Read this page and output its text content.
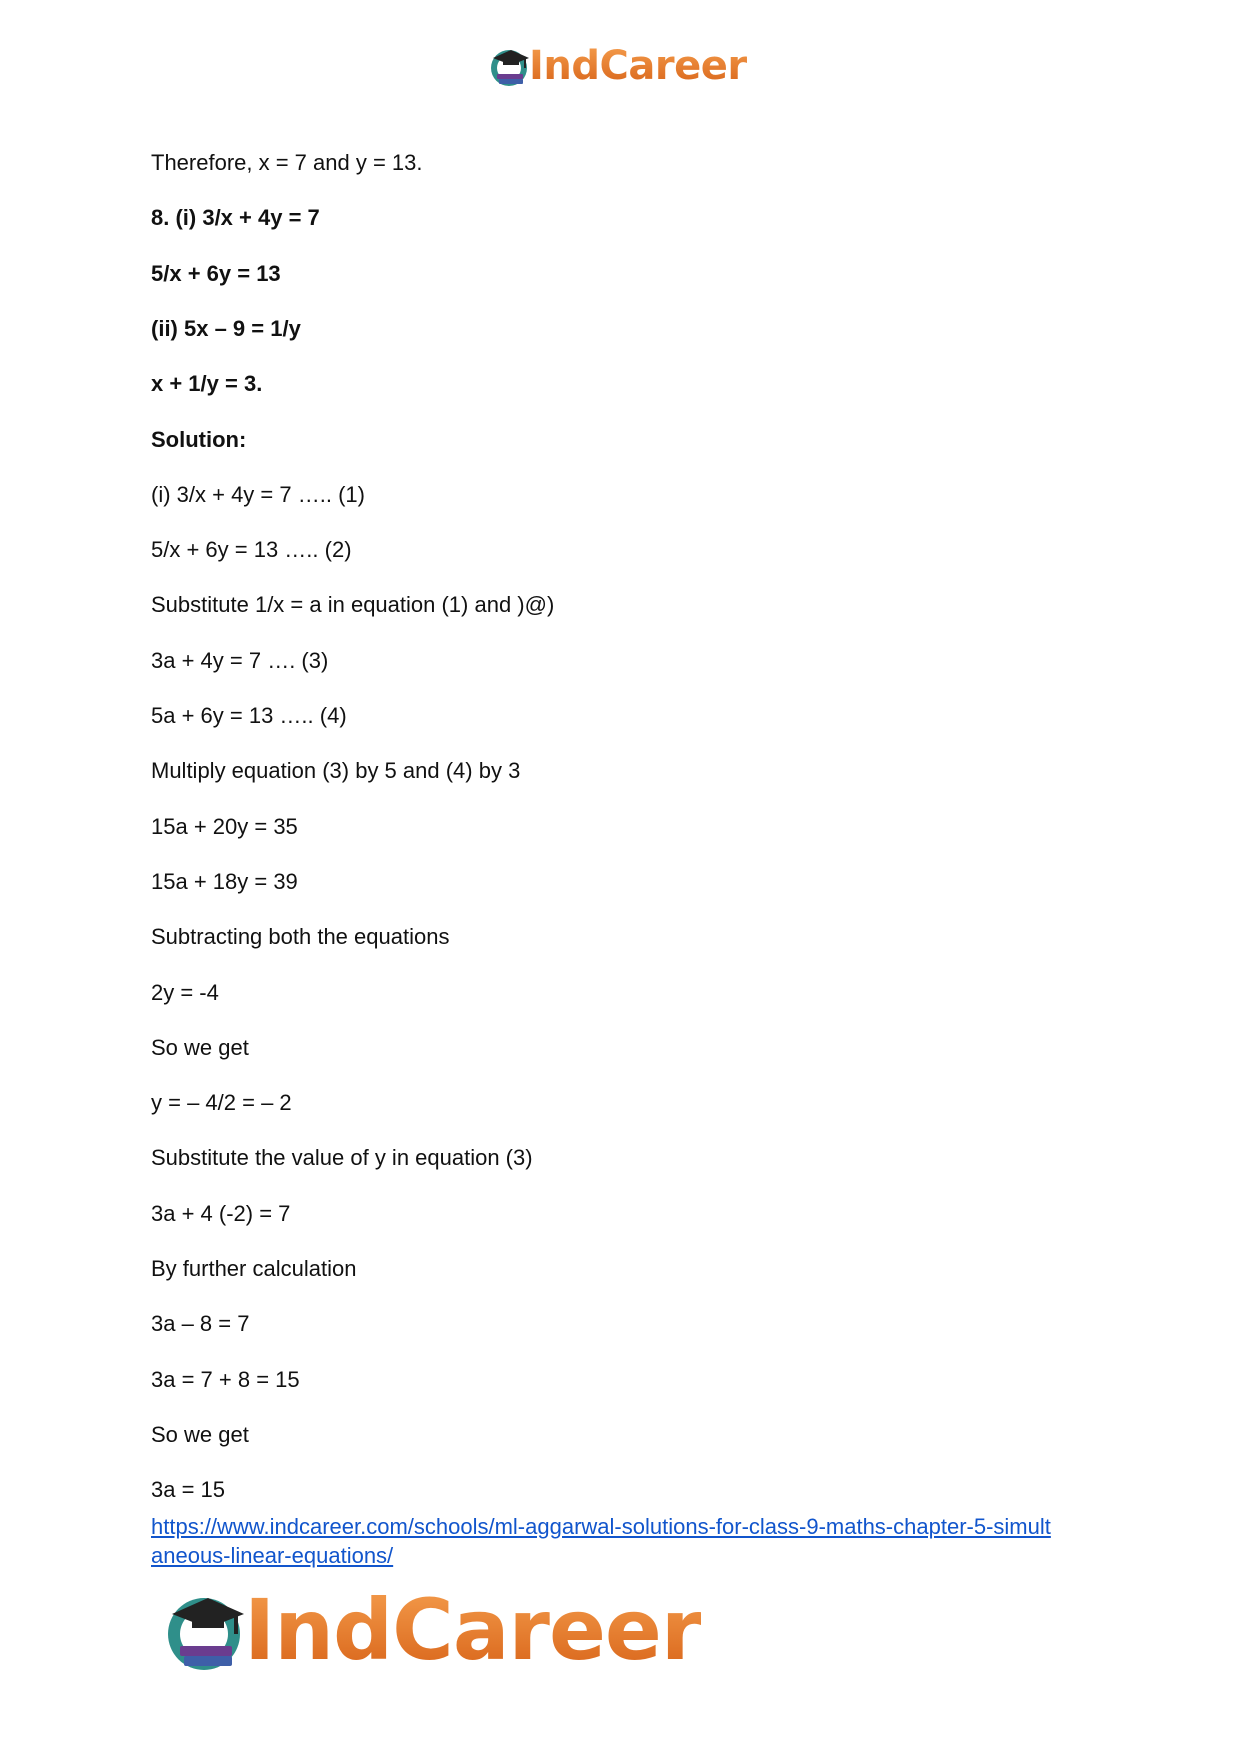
IndCareer
Therefore, x = 7 and y = 13.
8. (i) 3/x + 4y = 7
5/x + 6y = 13
(ii) 5x – 9 = 1/y
x + 1/y = 3.
Solution:
(i) 3/x + 4y = 7 ….. (1)
5/x + 6y = 13 ….. (2)
Substitute 1/x = a in equation (1) and )@)
3a + 4y = 7 …. (3)
5a + 6y = 13 ….. (4)
Multiply equation (3) by 5 and (4) by 3
15a + 20y = 35
15a + 18y = 39
Subtracting both the equations
2y = -4
So we get
y = – 4/2 = – 2
Substitute the value of y in equation (3)
3a + 4 (-2) = 7
By further calculation
3a – 8 = 7
3a = 7 + 8 = 15
So we get
3a = 15
https://www.indcareer.com/schools/ml-aggarwal-solutions-for-class-9-maths-chapter-5-simult
aneous-linear-equations/
IndCareer
